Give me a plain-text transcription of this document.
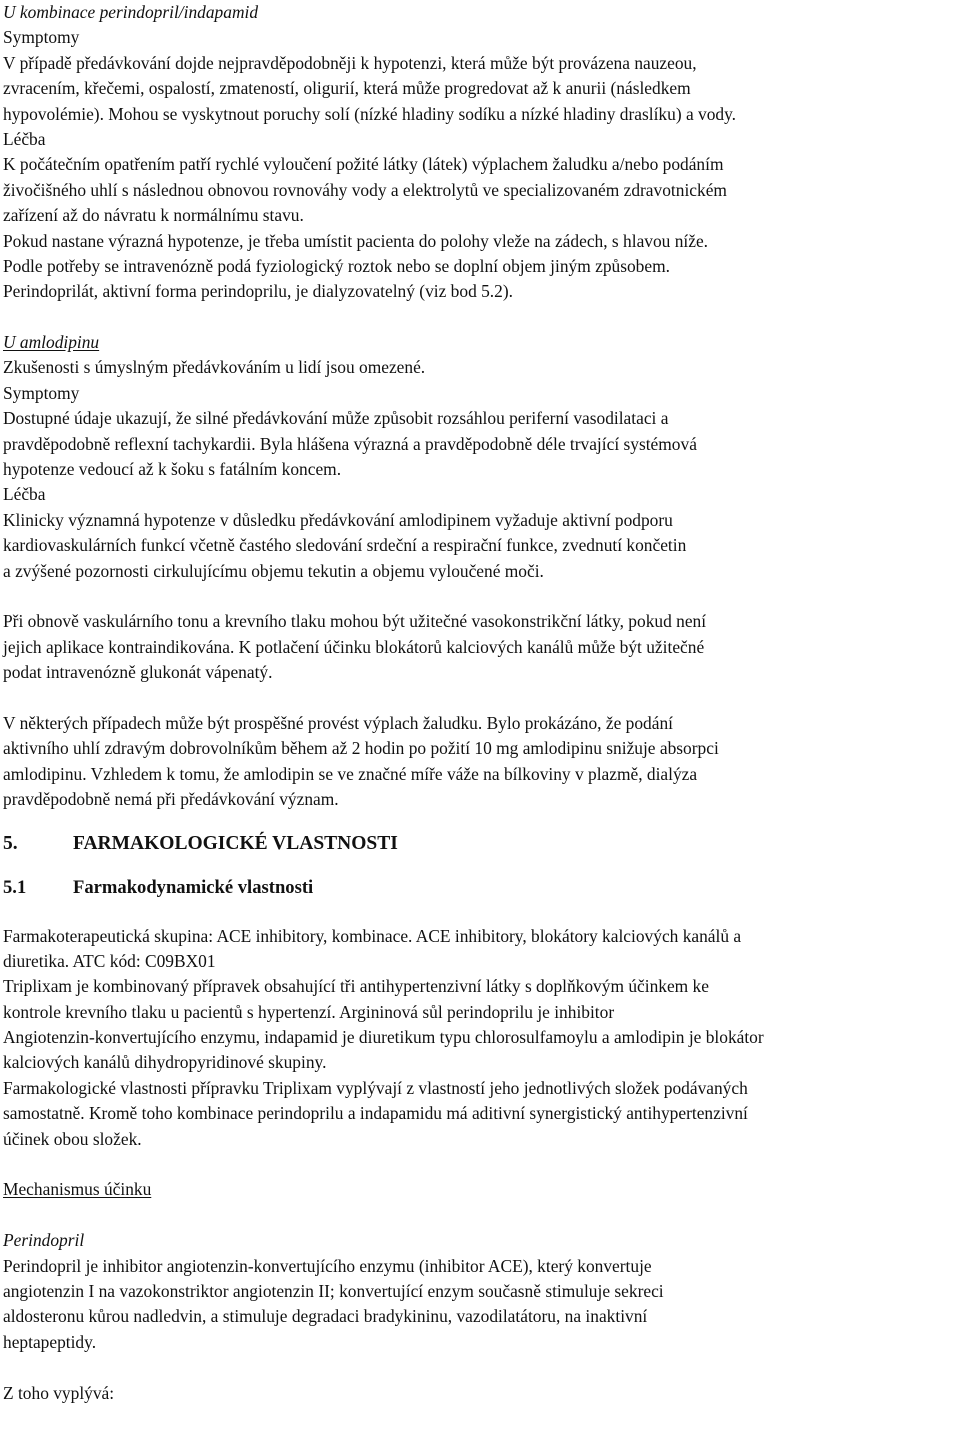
U kombinace perindopril/indapamid
Symptomy
V případě předávkování dojde nejpravděpodobněji k hypotenzi, která může být provázena nauzeou,
zvracením, křečemi, ospalostí, zmateností, oligurií, která může progredovat až k anurii (následkem
hypovolémie). Mohou se vyskytnout poruchy solí (nízké hladiny sodíku a nízké hladiny draslíku) a vody.
Léčba
K počátečním opatřením patří rychlé vyloučení požité látky (látek) výplachem žaludku a/nebo podáním
živočišného uhlí s následnou obnovou rovnováhy vody a elektrolytů ve specializovaném zdravotnickém
zařízení až do návratu k normálnímu stavu.
Pokud nastane výrazná hypotenze, je třeba umístit pacienta do polohy vleže na zádech, s hlavou níže.
Podle potřeby se intravenózně podá fyziologický roztok nebo se doplní objem jiným způsobem.
Perindoprilát, aktivní forma perindoprilu, je dialyzovatelný (viz bod 5.2).
U amlodipinu
Zkušenosti s úmyslným předávkováním u lidí jsou omezené.
Symptomy
Dostupné údaje ukazují, že silné předávkování může způsobit rozsáhlou periferní vasodilataci a
pravděpodobně reflexní tachykardii. Byla hlášena výrazná a pravděpodobně déle trvající systémová
hypotenze vedoucí až k šoku s fatálním koncem.
Léčba
Klinicky významná hypotenze v důsledku předávkování amlodipinem vyžaduje aktivní podporu
kardiovaskulárních funkcí včetně častého sledování srdeční a respirační funkce, zvednutí končetin
a zvýšené pozornosti cirkulujícímu objemu tekutin a objemu vyloučené moči.
Při obnově vaskulárního tonu a krevního tlaku mohou být užitečné vasokonstrikční látky, pokud není
jejich aplikace kontraindikována. K potlačení účinku blokátorů kalciových kanálů může být užitečné
podat intravenózně glukonát vápenatý.
V některých případech může být prospěšné provést výplach žaludku. Bylo prokázáno, že podání
aktivního uhlí zdravým dobrovolníkům během až 2 hodin po požití 10 mg amlodipinu snižuje absorpci
amlodipinu. Vzhledem k tomu, že amlodipin se ve značné míře váže na bílkoviny v plazmě, dialýza
pravděpodobně nemá při předávkování význam.
5.	FARMAKOLOGICKÉ VLASTNOSTI
5.1	Farmakodynamické vlastnosti
Farmakoterapeutická skupina: ACE inhibitory, kombinace. ACE inhibitory, blokátory kalciových kanálů a
diuretika. ATC kód: C09BX01
Triplixam je kombinovaný přípravek obsahující tři antihypertenzivní látky s doplňkovým účinkem ke
kontrole krevního tlaku u pacientů s hypertenzí. Argininová sůl perindoprilu je inhibitor
Angiotenzin-konvertujícího enzymu, indapamid je diuretikum typu chlorosulfamoylu a amlodipin je blokátor
kalciových kanálů dihydropyridinové skupiny.
Farmakologické vlastnosti přípravku Triplixam vyplývají z vlastností jeho jednotlivých složek podávaných
samostatně. Kromě toho kombinace perindoprilu a indapamidu má aditivní synergistický antihypertenzivní
účinek obou složek.
Mechanismus účinku
Perindopril
Perindopril je inhibitor angiotenzin-konvertujícího enzymu (inhibitor ACE), který konvertuje
angiotenzin I na vazokonstriktor angiotenzin II; konvertující enzym současně stimuluje sekreci
aldosteronu kůrou nadledvin, a stimuluje degradaci bradykininu, vazodilatátoru, na inaktivní
heptapeptidy.
Z toho vyplývá:
